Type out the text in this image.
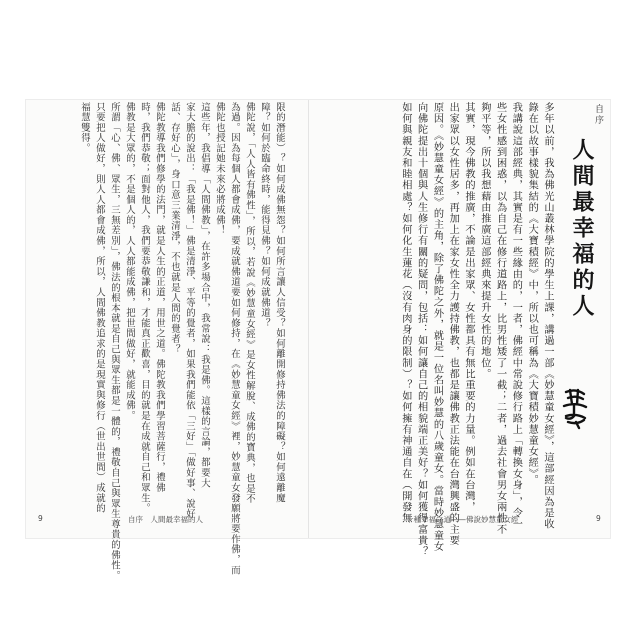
限的潛能）？如何成佛無怨？如何所言讓人信受？如何離開修持佛法的障礙？如何遠離魔
障？如何於臨命終時，能得見佛？如何成就佛道？
佛陀說，「人人皆有佛性」，所以，若說《妙慧童女經》是女性解脫、成佛的寶典，也是不
為過。因為每個人都會成佛，要成就佛道要如何修持，在《妙慧童女經》裡，妙慧童女發願將要作佛，而
佛陀也授記她未來必將成佛！
這些年，我倡導「人間佛教」，在許多場合中，我常說：我是佛。這樣的言論，都要大
家大膽的說出：「我是佛！」佛是清淨、平等的覺者，如果我們能依「三好」「做好事、說好
話、存好心」，身口意三業清淨，不也就是人間的覺者？
佛陀教導我們修學的法門，就是人生的正道，用世之道。佛陀教我們學習菩薩行，禮佛
時，我們恭敬；面對他人，我們要恭敬謙和，才能真正歡喜，目的就是在成就自己和眾生。
佛教是大眾的，不是個人的，人人都能成佛，把世間做好，就能成佛。
所謂「心、佛、眾生，三無差別」，佛法的根本就是自己與眾生都是一體的，禮敬自己與眾生尊貴的佛性。
只要把人做好，則人人都會成佛，所以，人間佛教追求的是現實與修行（世出世間）成就的
福慧雙得。	多年以前，我為佛光山叢林學院的學生上課，講過一部《妙慧童女經》，這部經因為是收
錄在以故事樣貌集結的《大寶積經》中，所以也可稱為《大寶積妙慧童女經》。
我講說這部經典，其實是有一些緣由的，一者，佛經中常說修行路上「轉換女身」，令一
些女性感到困惑，以為自己在修行道路上，比男性矮了一截；二者，過去社會男女兩性不
夠平等，所以我想藉由推廣這部經典來提升女性的地位。
其實，現今佛教的推廣，不論是出家眾、女性都具有無比重要的力量。例如在台灣，
出家眾以女性居多，再加上在家女性全力護持佛教，也都是讓佛教正法能在台灣興盛的主要
原因。《妙慧童女經》的主角，除了佛陀之外，就是一位名叫妙慧的八歲童女。當時妙慧童女
向佛陀提出十個與人生修行有關的疑問，包括：如何讓自己的相貌端正美好？如何獲得富貴？
如何與親友和睦相處？如何化生蓮花（沒有肉身的限制）？如何擁有神通自在（開發無	自序
人間最幸福的人
9	自序　人間最幸福的人	十種幸福之道——佛說妙慧童女經	9
